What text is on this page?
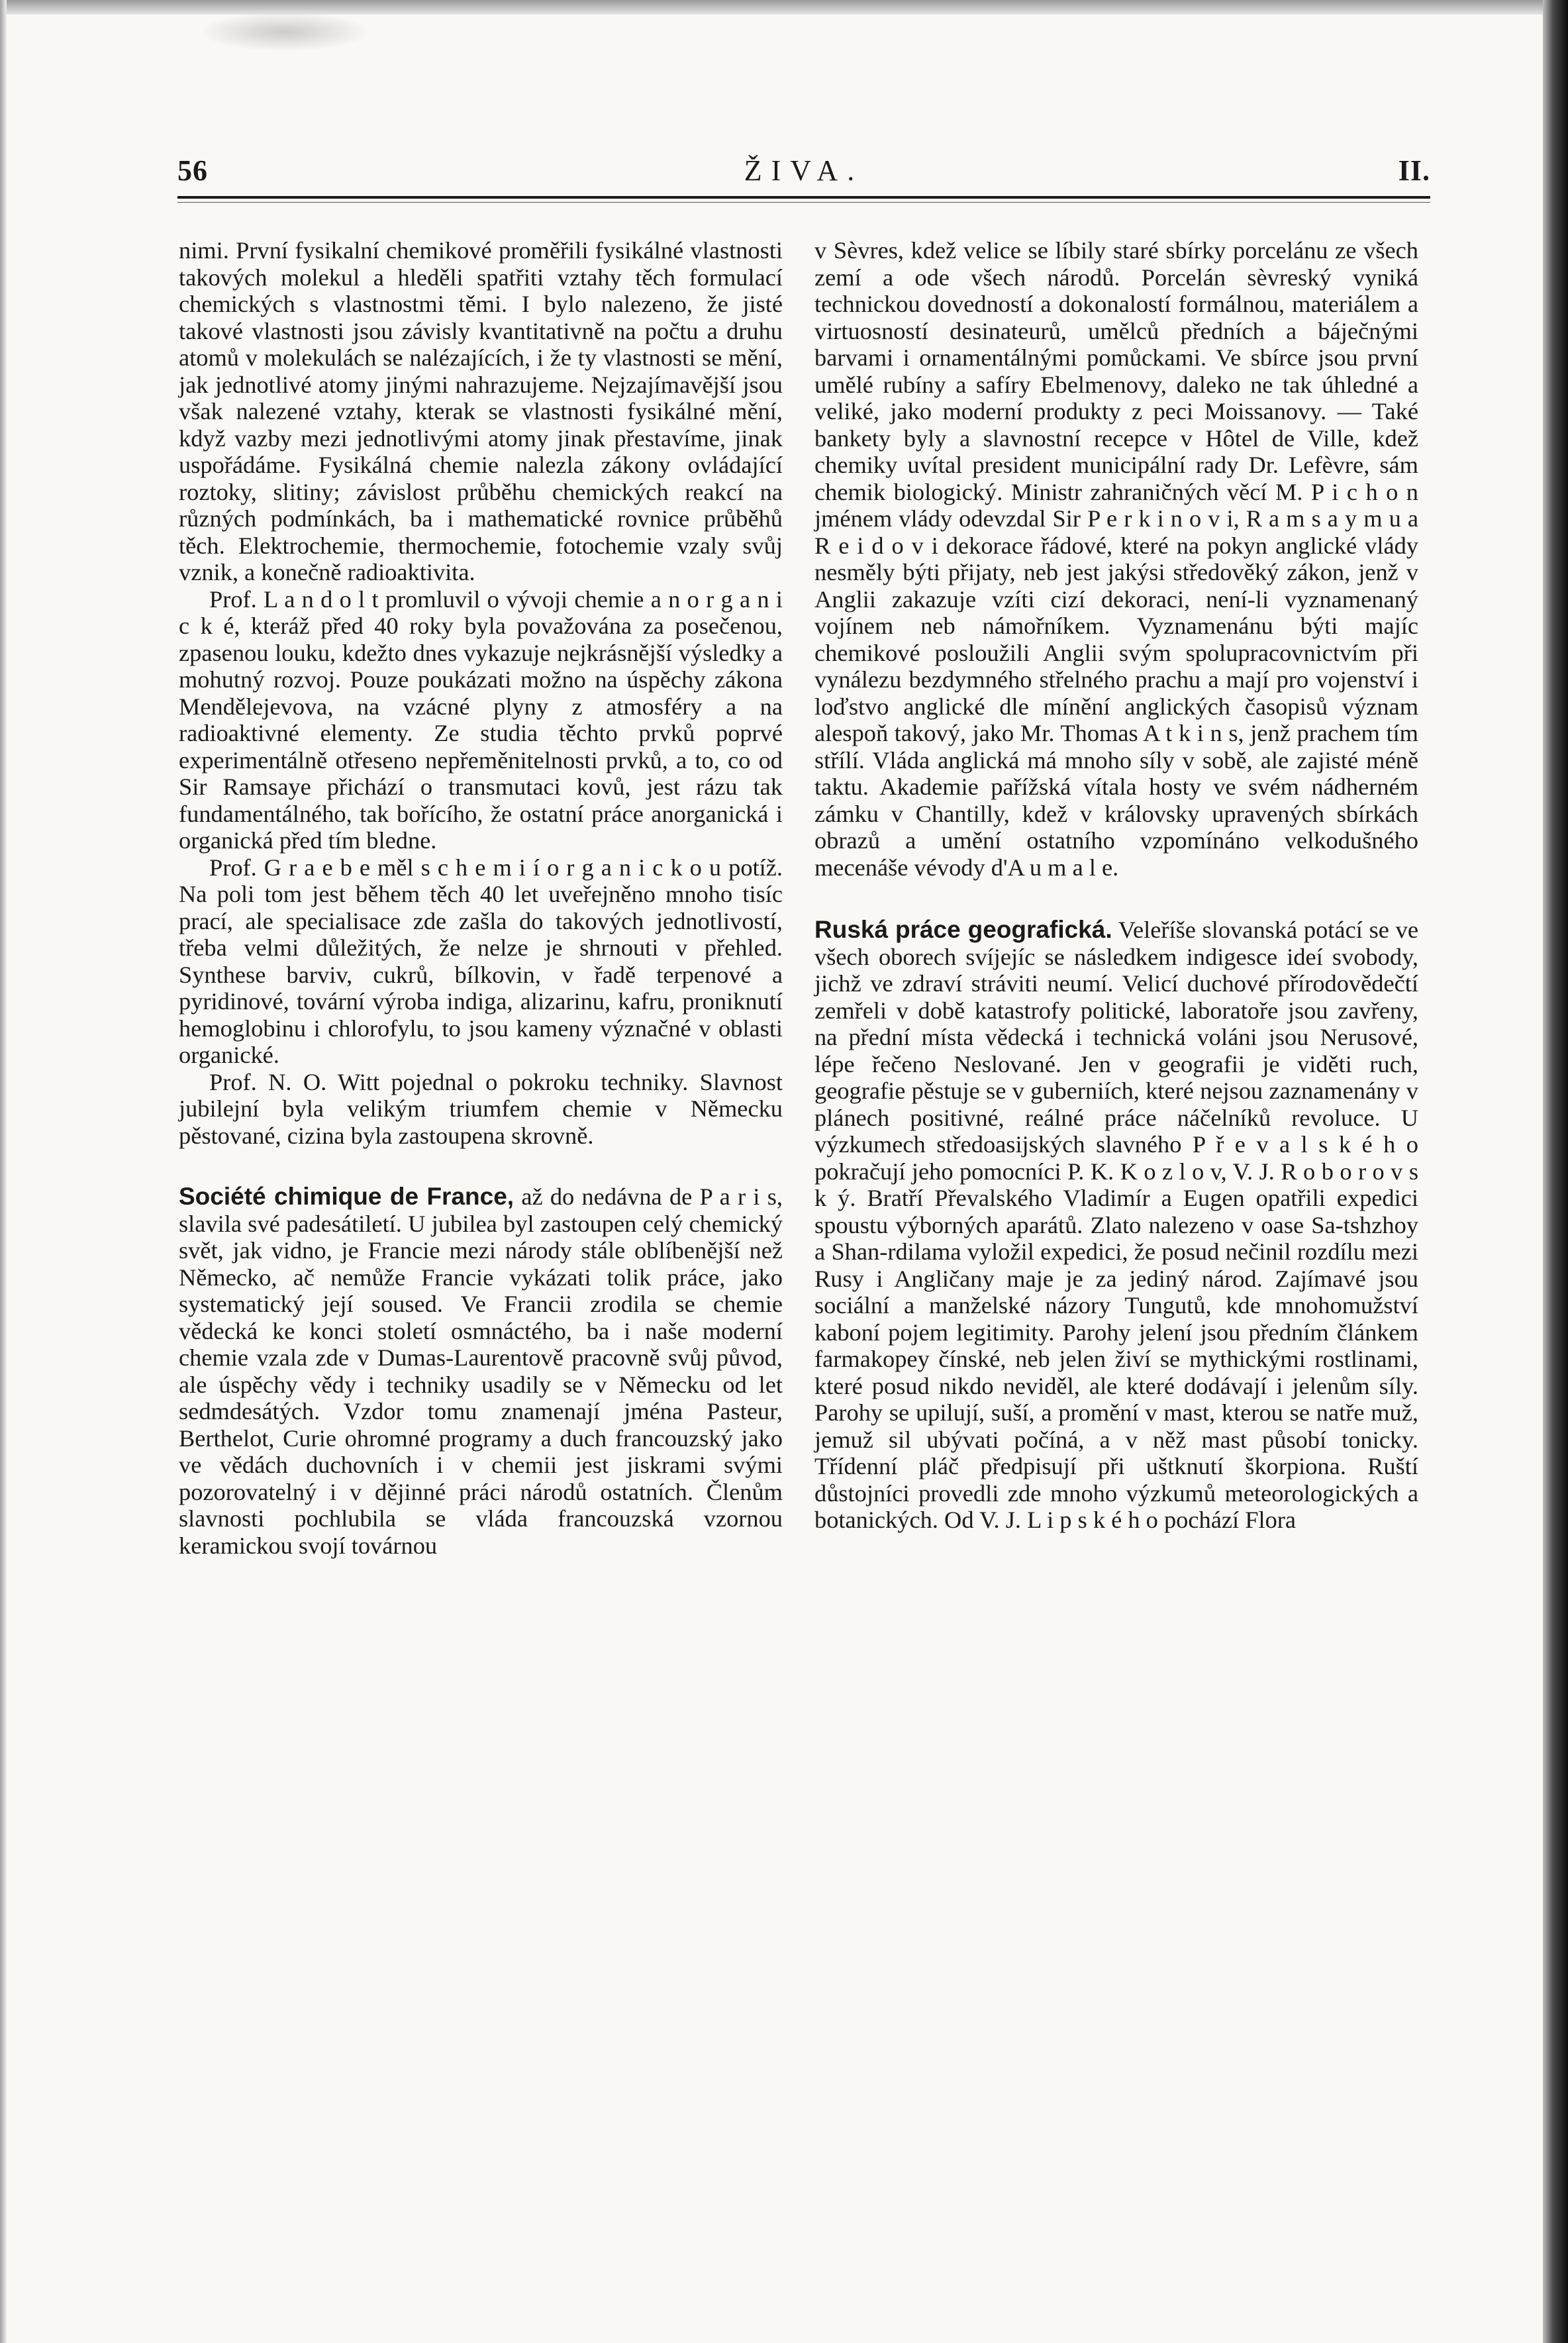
56	ŽIVA.	II.

nimi. První fysikalní chemikové proměřili fysikálné vlastnosti takových molekul a hleděli spatřiti vztahy těch formulací chemických s vlastnostmi těmi. I bylo nalezeno, že jisté takové vlastnosti jsou závisly kvantitativně na počtu a druhu atomů v molekulách se nalézajících, i že ty vlastnosti se mění, jak jednotlivé atomy jinými nahrazujeme. Nejzajímavější jsou však nalezené vztahy, kterak se vlastnosti fysikálné mění, když vazby mezi jednotlivými atomy jinak přestavíme, jinak uspořádáme. Fysikálná chemie nalezla zákony ovládající roztoky, slitiny; závislost průběhu chemických reakcí na různých podmínkách, ba i mathematické rovnice průběhů těch. Elektrochemie, thermochemie, fotochemie vzaly svůj vznik, a konečně radioaktivita.

Prof. L a n d o l t promluvil o vývoji chemie a n o r g a n i c k é, kteráž před 40 roky byla považována za posečenou, zpasenou louku, kdežto dnes vykazuje nejkrásnější výsledky a mohutný rozvoj. Pouze poukázati možno na úspěchy zákona Mendělejevova, na vzácné plyny z atmosféry a na radioaktivné elementy. Ze studia těchto prvků poprvé experimentálně otřeseno nepřeměnitelnosti prvků, a to, co od Sir Ramsaye přichází o transmutaci kovů, jest rázu tak fundamentálného, tak bořícího, že ostatní práce anorganická i organická před tím bledne.

Prof. G r a e b e měl s c h e m i í o r g a n i c k o u potíž. Na poli tom jest během těch 40 let uveřejněno mnoho tisíc prací, ale specialisace zde zašla do takových jednotlivostí, třeba velmi důležitých, že nelze je shrnouti v přehled. Synthese barviv, cukrů, bílkovin, v řadě terpenové a pyridinové, tovární výroba indiga, alizarinu, kafru, proniknutí hemoglobinu i chlorofylu, to jsou kameny význačné v oblasti organické.

Prof. N. O. Witt pojednal o pokroku techniky. Slavnost jubilejní byla velikým triumfem chemie v Německu pěstované, cizina byla zastoupena skrovně.

Société chimique de France, až do nedávna de P a r i s, slavila své padesátiletí. U jubilea byl zastoupen celý chemický svět, jak vidno, je Francie mezi národy stále oblíbenější než Německo, ač nemůže Francie vykázati tolik práce, jako systematický její soused. Ve Francii zrodila se chemie vědecká ke konci století osmnáctého, ba i naše moderní chemie vzala zde v Dumas-Laurentově pracovně svůj původ, ale úspěchy vědy i techniky usadily se v Německu od let sedmdesátých. Vzdor tomu znamenají jména Pasteur, Berthelot, Curie ohromné programy a duch francouzský jako ve vědách duchovních i v chemii jest jiskrami svými pozorovatelný i v dějinné práci národů ostatních. Členům slavnosti pochlubila se vláda francouzská vzornou keramickou svojí továrnou

v Sèvres, kdež velice se líbily staré sbírky porcelánu ze všech zemí a ode všech národů. Porcelán sèvreský vyniká technickou dovedností a dokonalostí formálnou, materiálem a virtuosností desinateurů, umělců předních a báječnými barvami i ornamentálnými pomůckami. Ve sbírce jsou první umělé rubíny a safíry Ebelmenovy, daleko ne tak úhledné a veliké, jako moderní produkty z peci Moissanovy. — Také bankety byly a slavnostní recepce v Hôtel de Ville, kdež chemiky uvítal president municipální rady Dr. Lefèvre, sám chemik biologický. Ministr zahraničných věcí M. P i c h o n jménem vlády odevzdal Sir P e r k i n o v i, R a m s a y m u a R e i d o v i dekorace řádové, které na pokyn anglické vlády nesměly býti přijaty, neb jest jakýsi středověký zákon, jenž v Anglii zakazuje vzíti cizí dekoraci, není-li vyznamenaný vojínem neb námořníkem. Vyznamenánu býti majíc chemikové posloužili Anglii svým spolupracovnictvím při vynálezu bezdymného střelného prachu a mají pro vojenství i loďstvo anglické dle mínění anglických časopisů význam alespoň takový, jako Mr. Thomas A t k i n s, jenž prachem tím střílí. Vláda anglická má mnoho síly v sobě, ale zajisté méně taktu. Akademie pařížská vítala hosty ve svém nádherném zámku v Chantilly, kdež v královsky upravených sbírkách obrazů a umění ostatního vzpomínáno velkodušného mecenáše vévody d'A u m a l e.

Ruská práce geografická. Veleříše slovanská potácí se ve všech oborech svíjejíc se následkem indigesce ideí svobody, jichž ve zdraví stráviti neumí. Velicí duchové přírodovědečtí zemřeli v době katastrofy politické, laboratoře jsou zavřeny, na přední místa vědecká i technická voláni jsou Nerusové, lépe řečeno Neslované. Jen v geografii je viděti ruch, geografie pěstuje se v guberniích, které nejsou zaznamenány v plánech positivné, reálné práce náčelníků revoluce. U výzkumech středoasijských slavného P ř e v a l s k é h o pokračují jeho pomocníci P. K. K o z l o v, V. J. R o b o r o v s k ý. Bratří Převalského Vladimír a Eugen opatřili expedici spoustu výborných aparátů. Zlato nalezeno v oase Sa-tshzhoy a Shan-rdilama vyložil expedici, že posud nečinil rozdílu mezi Rusy i Angličany maje je za jediný národ. Zajímavé jsou sociální a manželské názory Tungutů, kde mnohomužství kaboní pojem legitimity. Parohy jelení jsou předním článkem farmakopey čínské, neb jelen živí se mythickými rostlinami, které posud nikdo neviděl, ale které dodávají i jelenům síly. Parohy se upilují, suší, a promění v mast, kterou se natře muž, jemuž sil ubývati počíná, a v něž mast působí tonicky. Třídenní pláč předpisují při uštknutí škorpiona. Ruští důstojníci provedli zde mnoho výzkumů meteorologických a botanických. Od V. J. L i p s k é h o pochází Flora
